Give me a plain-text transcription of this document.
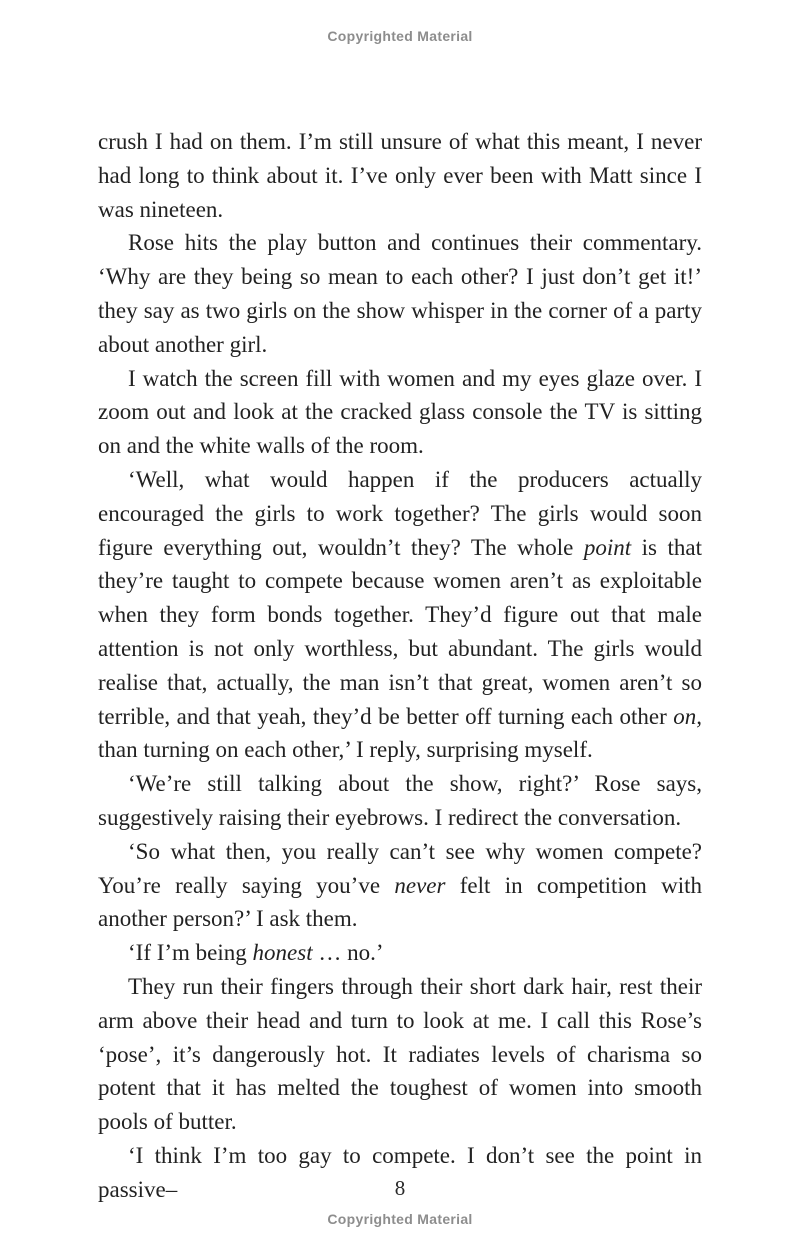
Copyrighted Material

crush I had on them. I’m still unsure of what this meant, I never had long to think about it. I’ve only ever been with Matt since I was nineteen.

Rose hits the play button and continues their commentary. ‘Why are they being so mean to each other? I just don’t get it!’ they say as two girls on the show whisper in the corner of a party about another girl.

I watch the screen fill with women and my eyes glaze over. I zoom out and look at the cracked glass console the TV is sitting on and the white walls of the room.

‘Well, what would happen if the producers actually encouraged the girls to work together? The girls would soon figure everything out, wouldn’t they? The whole point is that they’re taught to compete because women aren’t as exploitable when they form bonds together. They’d figure out that male attention is not only worthless, but abundant. The girls would realise that, actually, the man isn’t that great, women aren’t so terrible, and that yeah, they’d be better off turning each other on, than turning on each other,’ I reply, surprising myself.

‘We’re still talking about the show, right?’ Rose says, suggestively raising their eyebrows. I redirect the conversation.

‘So what then, you really can’t see why women compete? You’re really saying you’ve never felt in competition with another person?’ I ask them.

‘If I’m being honest … no.’

They run their fingers through their short dark hair, rest their arm above their head and turn to look at me. I call this Rose’s ‘pose’, it’s dangerously hot. It radiates levels of charisma so potent that it has melted the toughest of women into smooth pools of butter.

‘I think I’m too gay to compete. I don’t see the point in passive–	8
Copyrighted Material
